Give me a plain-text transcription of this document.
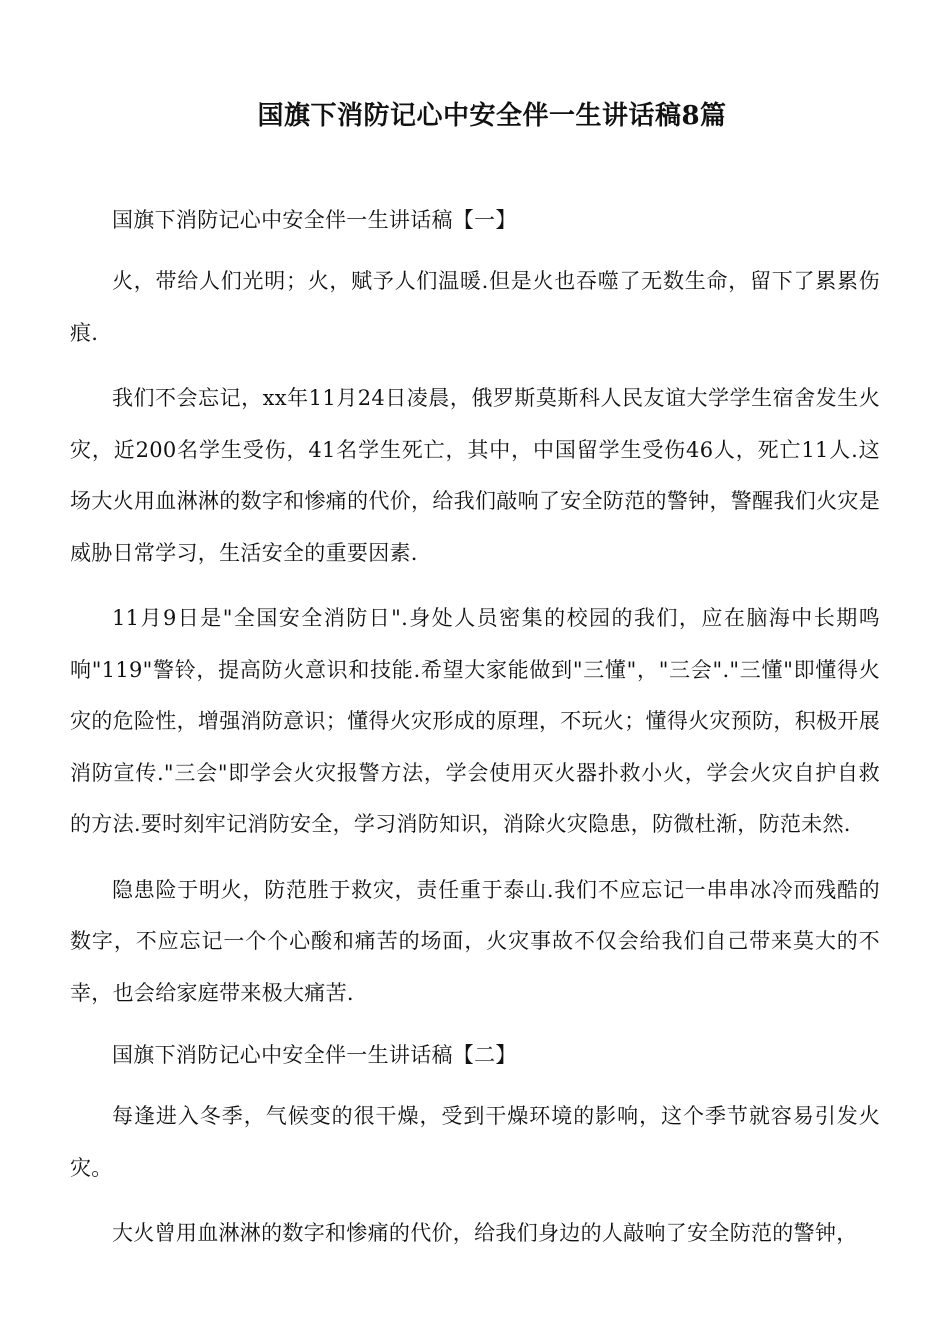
国旗下消防记心中安全伴一生讲话稿8篇

国旗下消防记心中安全伴一生讲话稿【一】

火，带给人们光明；火，赋予人们温暖.但是火也吞噬了无数生命，留下了累累伤痕.

我们不会忘记，xx年11月24日凌晨，俄罗斯莫斯科人民友谊大学学生宿舍发生火灾，近200名学生受伤，41名学生死亡，其中，中国留学生受伤46人，死亡11人.这场大火用血淋淋的数字和惨痛的代价，给我们敲响了安全防范的警钟，警醒我们火灾是威胁日常学习，生活安全的重要因素.

11月9日是"全国安全消防日".身处人员密集的校园的我们，应在脑海中长期鸣响"119"警铃，提高防火意识和技能.希望大家能做到"三懂"，"三会"."三懂"即懂得火灾的危险性，增强消防意识；懂得火灾形成的原理，不玩火；懂得火灾预防，积极开展消防宣传."三会"即学会火灾报警方法，学会使用灭火器扑救小火，学会火灾自护自救的方法.要时刻牢记消防安全，学习消防知识，消除火灾隐患，防微杜渐，防范未然.

隐患险于明火，防范胜于救灾，责任重于泰山.我们不应忘记一串串冰冷而残酷的数字，不应忘记一个个心酸和痛苦的场面，火灾事故不仅会给我们自己带来莫大的不幸，也会给家庭带来极大痛苦.

国旗下消防记心中安全伴一生讲话稿【二】

每逢进入冬季，气候变的很干燥，受到干燥环境的影响，这个季节就容易引发火灾。

大火曾用血淋淋的数字和惨痛的代价，给我们身边的人敲响了安全防范的警钟，
